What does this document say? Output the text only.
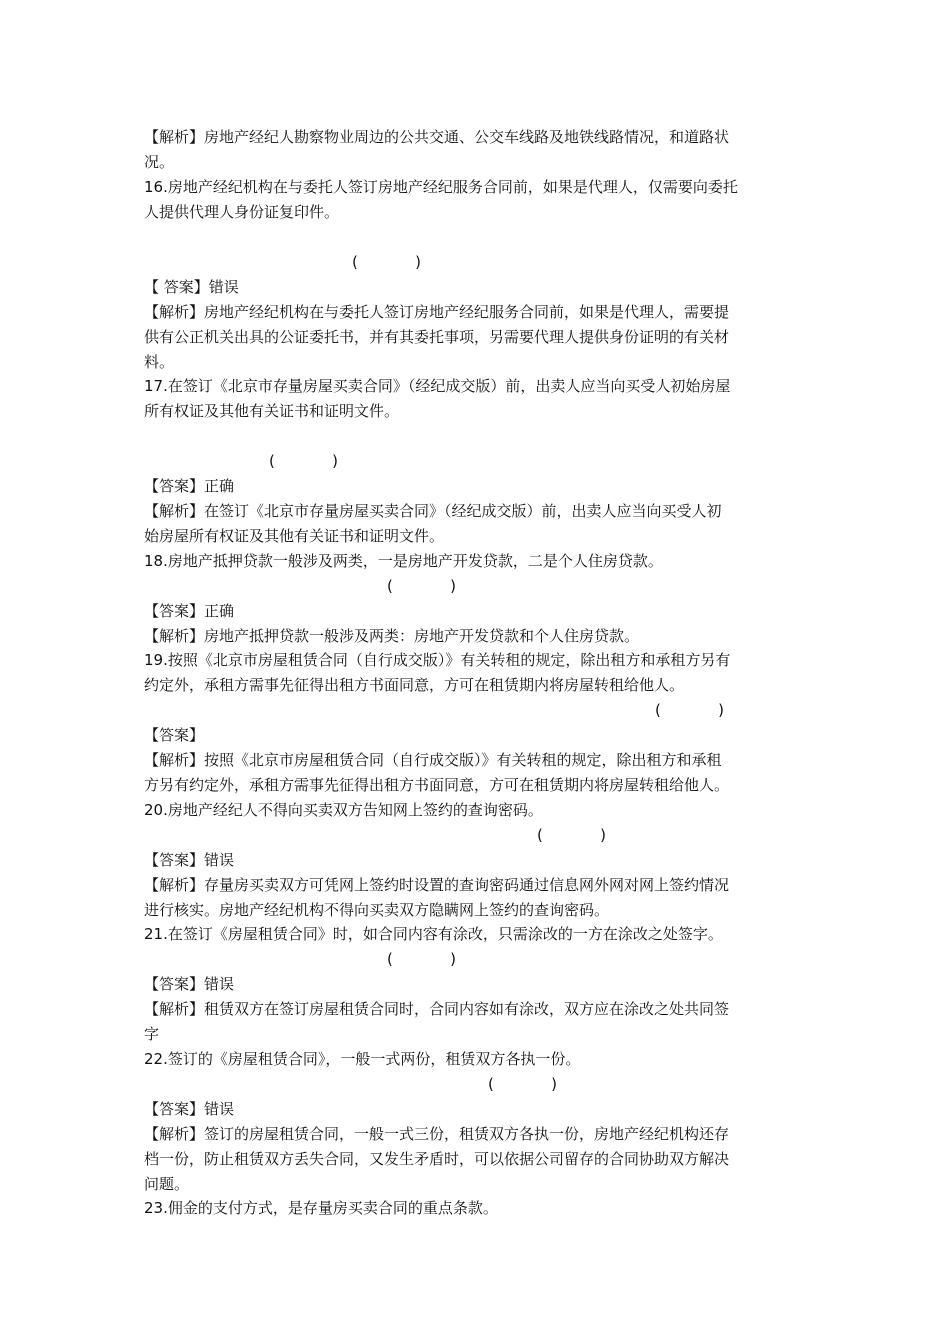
【解析】房地产经纪人勘察物业周边的公共交通、公交车线路及地铁线路情况，和道路状
况。
16.房地产经纪机构在与委托人签订房地产经纪服务合同前，如果是代理人，仅需要向委托
人提供代理人身份证复印件。
(            )
【 答案】错误
【解析】房地产经纪机构在与委托人签订房地产经纪服务合同前，如果是代理人，需要提
供有公正机关出具的公证委托书，并有其委托事项，另需要代理人提供身份证明的有关材
料。
17.在签订《北京市存量房屋买卖合同》（经纪成交版）前，出卖人应当向买受人初始房屋
所有权证及其他有关证书和证明文件。
(            )
【答案】正确
【解析】在签订《北京市存量房屋买卖合同》（经纪成交版）前，出卖人应当向买受人初
始房屋所有权证及其他有关证书和证明文件。
18.房地产抵押贷款一般涉及两类，一是房地产开发贷款，二是个人住房贷款。
(            )
【答案】正确
【解析】房地产抵押贷款一般涉及两类：房地产开发贷款和个人住房贷款。
19.按照《北京市房屋租赁合同（自行成交版）》有关转租的规定，除出租方和承租方另有
约定外，承租方需事先征得出租方书面同意，方可在租赁期内将房屋转租给他人。
(            )
【答案】
【解析】按照《北京市房屋租赁合同（自行成交版）》有关转租的规定，除出租方和承租
方另有约定外，承租方需事先征得出租方书面同意，方可在租赁期内将房屋转租给他人。
20.房地产经纪人不得向买卖双方告知网上签约的查询密码。
(            )
【答案】错误
【解析】存量房买卖双方可凭网上签约时设置的查询密码通过信息网外网对网上签约情况
进行核实。房地产经纪机构不得向买卖双方隐瞒网上签约的查询密码。
21.在签订《房屋租赁合同》时，如合同内容有涂改，只需涂改的一方在涂改之处签字。
(            )
【答案】错误
【解析】租赁双方在签订房屋租赁合同时，合同内容如有涂改，双方应在涂改之处共同签
字
22.签订的《房屋租赁合同》，一般一式两份，租赁双方各执一份。
(            )
【答案】错误
【解析】签订的房屋租赁合同，一般一式三份，租赁双方各执一份，房地产经纪机构还存
档一份，防止租赁双方丢失合同，又发生矛盾时，可以依据公司留存的合同协助双方解决
问题。
23.佣金的支付方式，是存量房买卖合同的重点条款。
